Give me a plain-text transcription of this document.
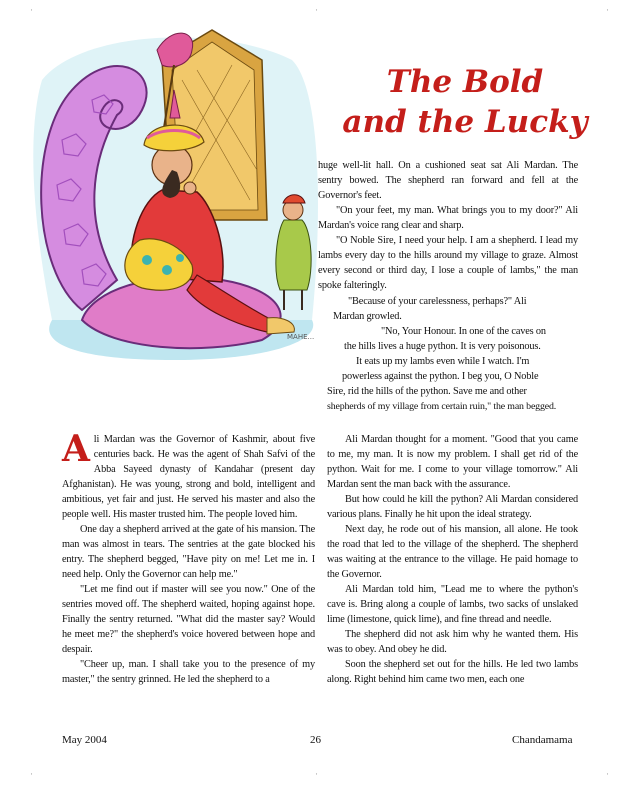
·	·	·
·	·	·
MAHE...
The Bold
and the Lucky

huge well-lit hall. On a cushioned seat sat Ali Mardan. The sentry bowed. The shepherd ran forward and fell at the Governor's feet.

"On your feet, my man. What brings you to my door?" Ali Mardan's voice rang clear and sharp.

"O Noble Sire, I need your help. I am a shepherd. I lead my lambs every day to the hills around my village to graze. Almost every second or third day, I lose a couple of lambs," the man spoke falteringly.

"Because of your carelessness, perhaps?" Ali
Mardan growled.
"No, Your Honour. In one of the caves on
the hills lives a huge python. It is very poisonous.
It eats up my lambs even while I watch. I'm
powerless against the python. I beg you, O Noble
Sire, rid the hills of the python. Save me and other
shepherds of my village from certain ruin," the man begged.

Ali Mardan was the Governor of Kashmir, about five centuries back. He was the agent of Shah Safvi of the Abba Sayeed dynasty of Kandahar (present day Afghanistan). He was young, strong and bold, intelligent and ambitious, yet fair and just. He served his master and also the people well. His master trusted him. The people loved him.

One day a shepherd arrived at the gate of his mansion. The man was almost in tears. The sentries at the gate blocked his entry. The shepherd begged, "Have pity on me! Let me in. I need help. Only the Governor can help me."

"Let me find out if master will see you now." One of the sentries moved off. The shepherd waited, hoping against hope. Finally the sentry returned. "What did the master say? Would he meet me?" the shepherd's voice hovered between hope and despair.

"Cheer up, man. I shall take you to the presence of my master," the sentry grinned. He led the shepherd to a

Ali Mardan thought for a moment. "Good that you came to me, my man. It is now my problem. I shall get rid of the python. Wait for me. I come to your village tomorrow." Ali Mardan sent the man back with the assurance.

But how could he kill the python? Ali Mardan considered various plans. Finally he hit upon the ideal strategy.

Next day, he rode out of his mansion, all alone. He took the road that led to the village of the shepherd. The shepherd was waiting at the entrance to the village. He paid homage to the Governor.

Ali Mardan told him, "Lead me to where the python's cave is. Bring along a couple of lambs, two sacks of unslaked lime (limestone, quick lime), and fine thread and needle.

The shepherd did not ask him why he wanted them. His was to obey. And obey he did.

Soon the shepherd set out for the hills. He led two lambs along. Right behind him came two men, each one

May 2004	26	Chandamama
